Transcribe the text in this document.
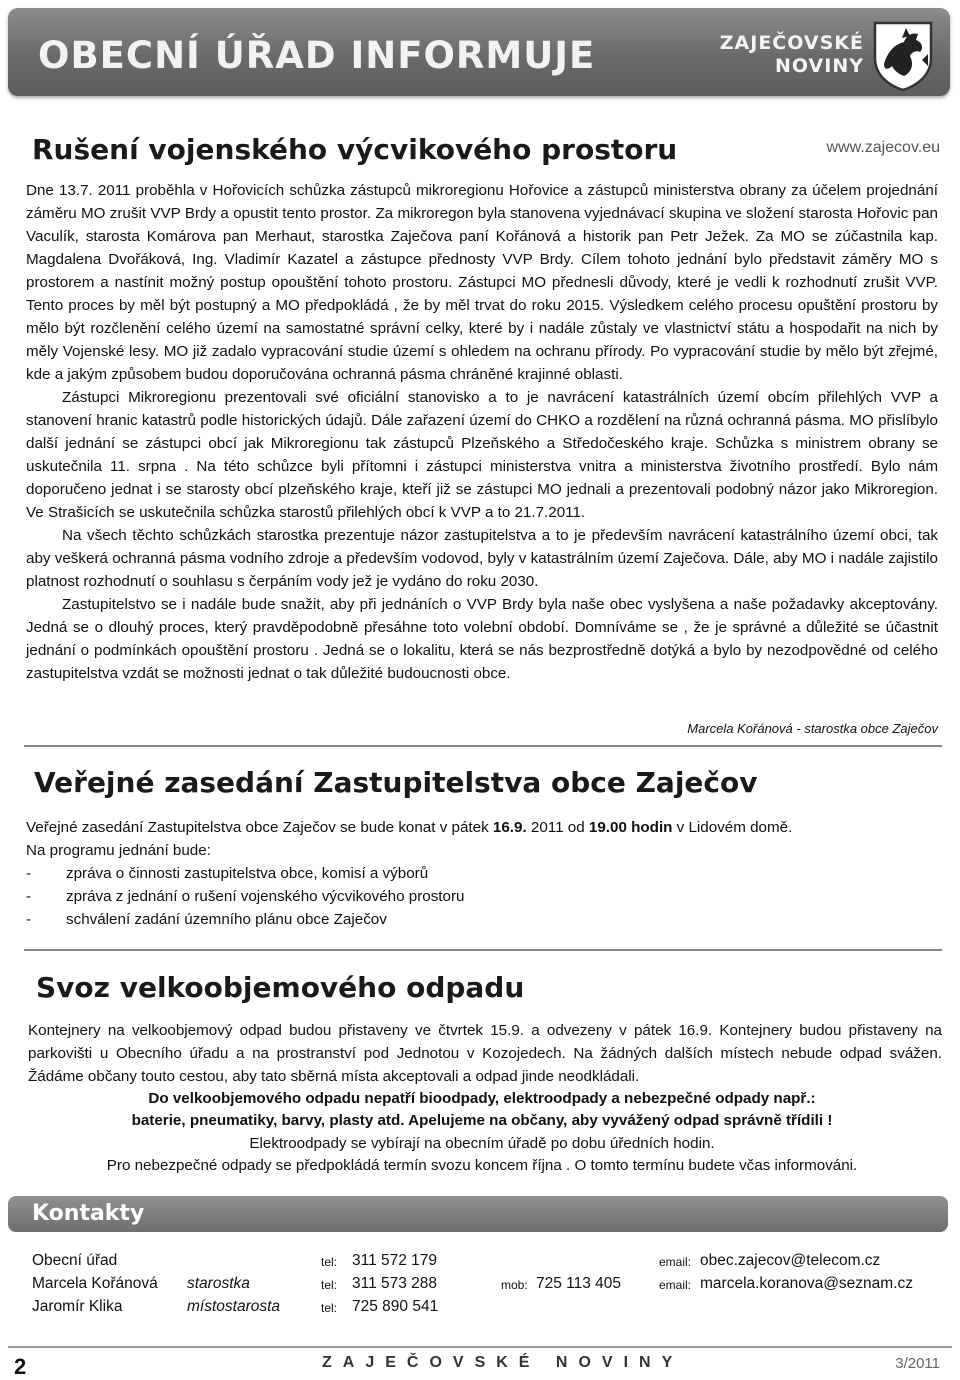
OBECNÍ ÚŘAD INFORMUJE	ZAJEČOVSKÉ
NOVINY
Rušení vojenského výcvikového prostoru	www.zajecov.eu

Dne 13.7. 2011 proběhla v Hořovicích schůzka zástupců mikroregionu Hořovice a zástupců ministerstva obrany za účelem projednání záměru MO zrušit VVP Brdy a opustit tento prostor. Za mikroregon byla stanovena vyjednávací skupina ve složení starosta Hořovic pan Vaculík, starosta Komárova pan Merhaut, starostka Zaječova paní Kořánová a historik pan Petr Ježek. Za MO se zúčastnila kap. Magdalena Dvořáková, Ing. Vladimír Kazatel a zástupce přednosty VVP Brdy. Cílem tohoto jednání bylo představit záměry MO s prostorem a nastínit možný postup opouštění tohoto prostoru. Zástupci MO přednesli důvody, které je vedli k rozhodnutí zrušit VVP. Tento proces by měl být postupný a MO předpokládá , že by měl trvat do roku 2015. Výsledkem celého procesu opuštění prostoru by mělo být rozčlenění celého území na samostatné správní celky, které by i nadále zůstaly ve vlastnictví státu a hospodařit na nich by měly Vojenské lesy. MO již zadalo vypracování studie území s ohledem na ochranu přírody. Po vypracování studie by mělo být zřejmé, kde a jakým způsobem budou doporučována ochranná pásma chráněné krajinné oblasti.

Zástupci Mikroregionu prezentovali své oficiální stanovisko a to je navrácení katastrálních území obcím přilehlých VVP a stanovení hranic katastrů podle historických údajů. Dále zařazení území do CHKO a rozdělení na různá ochranná pásma. MO přislíbylo další jednání se zástupci obcí jak Mikroregionu tak zástupců Plzeňského a Středočeského kraje. Schůzka s ministrem obrany se uskutečnila 11. srpna . Na této schůzce byli přítomni i zástupci ministerstva vnitra a ministerstva životního prostředí. Bylo nám doporučeno jednat i se starosty obcí plzeňského kraje, kteří již se zástupci MO jednali a prezentovali podobný názor jako Mikroregion. Ve Strašicích se uskutečnila schůzka starostů přilehlých obcí k VVP a to 21.7.2011.

Na všech těchto schůzkách starostka prezentuje názor zastupitelstva a to je především navrácení katastrálního území obci, tak aby veškerá ochranná pásma vodního zdroje a především vodovod, byly v katastrálním území Zaječova. Dále, aby MO i nadále zajistilo platnost rozhodnutí o souhlasu s čerpáním vody jež je vydáno do roku 2030.

Zastupitelstvo se i nadále bude snažit, aby při jednáních o VVP Brdy byla naše obec vyslyšena a naše požadavky akceptovány. Jedná se o dlouhý proces, který pravděpodobně přesáhne toto volební období. Domníváme se , že je správné a důležité se účastnit jednání o podmínkách opouštění prostoru . Jedná se o lokalitu, která se nás bezprostředně dotýká a bylo by nezodpovědné od celého zastupitelstva vzdát se možnosti jednat o tak důležité budoucnosti obce.

Marcela Kořánová - starostka obce Zaječov
Veřejné zasedání Zastupitelstva obce Zaječov
Veřejné zasedání Zastupitelstva obce Zaječov se bude konat v pátek 16.9. 2011 od 19.00 hodin v Lidovém domě.
Na programu jednání bude:
- zpráva o činnosti zastupitelstva obce, komisí a výborů
- zpráva z jednání o rušení vojenského výcvikového prostoru
- schválení zadání územního plánu obce Zaječov
Svoz velkoobjemového odpadu

Kontejnery na velkoobjemový odpad budou přistaveny ve čtvrtek 15.9. a odvezeny v pátek 16.9. Kontejnery budou přistaveny na parkovišti u Obecního úřadu a na prostranství pod Jednotou v Kozojedech. Na žádných dalších místech nebude odpad svážen. Žádáme občany touto cestou, aby tato sběrná místa akceptovali a odpad jinde neodkládali.

Do velkoobjemového odpadu nepatří bioodpady, elektroodpady a nebezpečné odpady např.:
baterie, pneumatiky, barvy, plasty atd. Apelujeme na občany, aby vyvážený odpad správně třídili !
Elektroodpady se vybírají na obecním úřadě po dobu úředních hodin.
Pro nebezpečné odpady se předpokládá termín svozu koncem října . O tomto termínu budete včas informováni.
Kontakty
Obecní úřad	tel: 311 572 179	email: obec.zajecov@telecom.cz
Marcela Kořánová starostka	tel: 311 573 288	mob: 725 113 405	email: marcela.koranova@seznam.cz
Jaromír Klika	místostarosta	tel: 725 890 541
2	ZAJEČOVSKÉ NOVINY	3/2011
